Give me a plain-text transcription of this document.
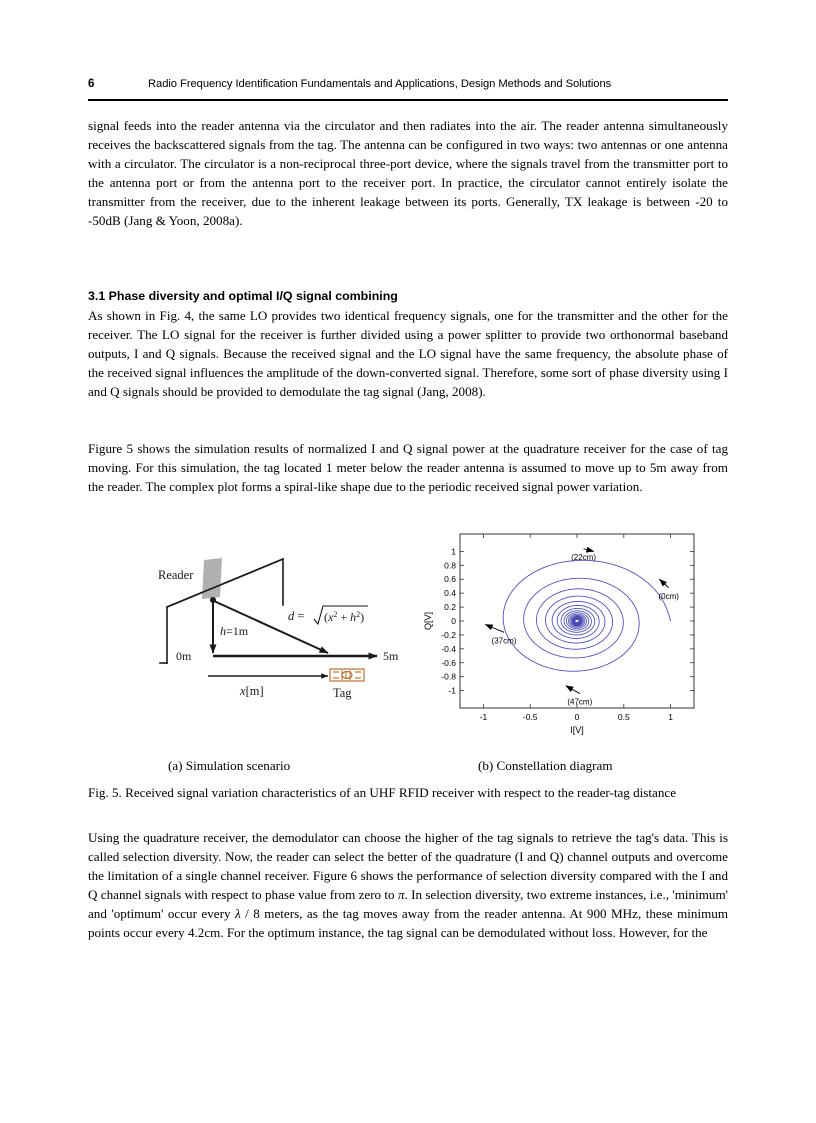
6	Radio Frequency Identification Fundamentals and Applications, Design Methods and Solutions

signal feeds into the reader antenna via the circulator and then radiates into the air. The reader antenna simultaneously receives the backscattered signals from the tag. The antenna can be configured in two ways: two antennas or one antenna with a circulator. The circulator is a non-reciprocal three-port device, where the signals travel from the transmitter port to the antenna port or from the antenna port to the receiver port. In practice, the circulator cannot entirely isolate the transmitter from the receiver, due to the inherent leakage between its ports. Generally, TX leakage is between -20 to -50dB (Jang & Yoon, 2008a).

3.1 Phase diversity and optimal I/Q signal combining

As shown in Fig. 4, the same LO provides two identical frequency signals, one for the transmitter and the other for the receiver. The LO signal for the receiver is further divided using a power splitter to provide two orthonormal baseband outputs, I and Q signals. Because the received signal and the LO signal have the same frequency, the absolute phase of the received signal influences the amplitude of the down-converted signal. Therefore, some sort of phase diversity using I and Q signals should be provided to demodulate the tag signal (Jang, 2008).

Figure 5 shows the simulation results of normalized I and Q signal power at the quadrature receiver for the case of tag moving. For this simulation, the tag located 1 meter below the reader antenna is assumed to move up to 5m away from the reader. The complex plot forms a spiral-like shape due to the periodic received signal power variation.

Reader
h=1m
$d = (x^2 + h^2)$
0m	5m
x[m]	Tag
-1	-0.5	0	0.5	1
1
0.8
0.6
0.4
0.2
0
-0.2
-0.4
-0.6
-0.8
-1
(22cm)
(0cm)
(37cm)
(47cm)
I[V]
Q[V]
(a) Simulation scenario	(b) Constellation diagram
Fig. 5. Received signal variation characteristics of an UHF RFID receiver with respect to the reader-tag distance

Using the quadrature receiver, the demodulator can choose the higher of the tag signals to retrieve the tag's data. This is called selection diversity. Now, the reader can select the better of the quadrature (I and Q) channel outputs and overcome the limitation of a single channel receiver. Figure 6 shows the performance of selection diversity compared with the I and Q channel signals with respect to phase value from zero to π. In selection diversity, two extreme instances, i.e., 'minimum' and 'optimum' occur every λ / 8 meters, as the tag moves away from the reader antenna. At 900 MHz, these minimum points occur every 4.2cm. For the optimum instance, the tag signal can be demodulated without loss. However, for the
